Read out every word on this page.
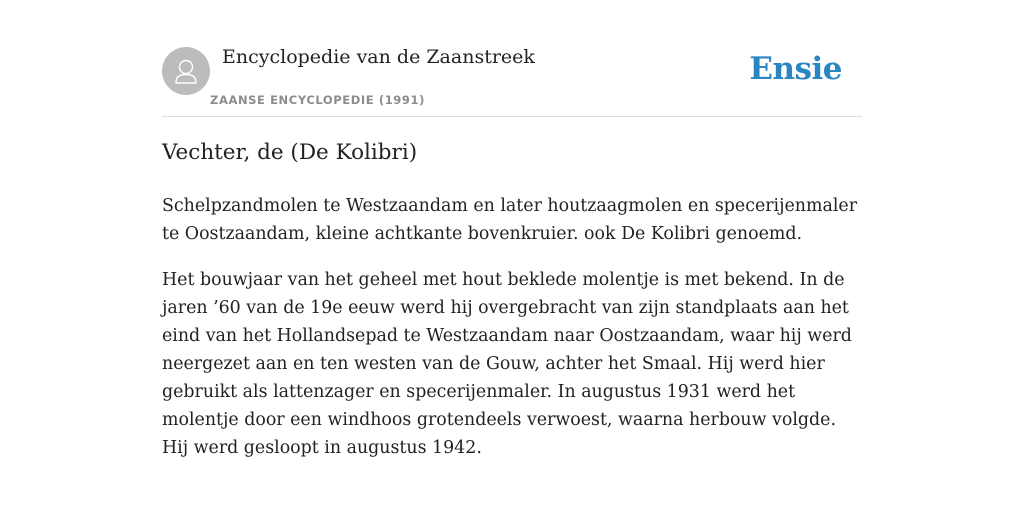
Encyclopedie van de Zaanstreek
ZAANSE ENCYCLOPEDIE (1991)
Ensie
Vechter, de (De Kolibri)

Schelpzandmolen te Westzaandam en later houtzaagmolen en specerijenmaler te Oostzaandam, kleine achtkante bovenkruier. ook De Kolibri genoemd.

Het bouwjaar van het geheel met hout beklede molentje is met bekend. In de jaren ’60 van de 19e eeuw werd hij overgebracht van zijn standplaats aan het eind van het Hollandsepad te Westzaandam naar Oostzaandam, waar hij werd neergezet aan en ten westen van de Gouw, achter het Smaal. Hij werd hier gebruikt als lattenzager en specerijenmaler. In augustus 1931 werd het molentje door een windhoos grotendeels verwoest, waarna herbouw volgde. Hij werd gesloopt in augustus 1942.
